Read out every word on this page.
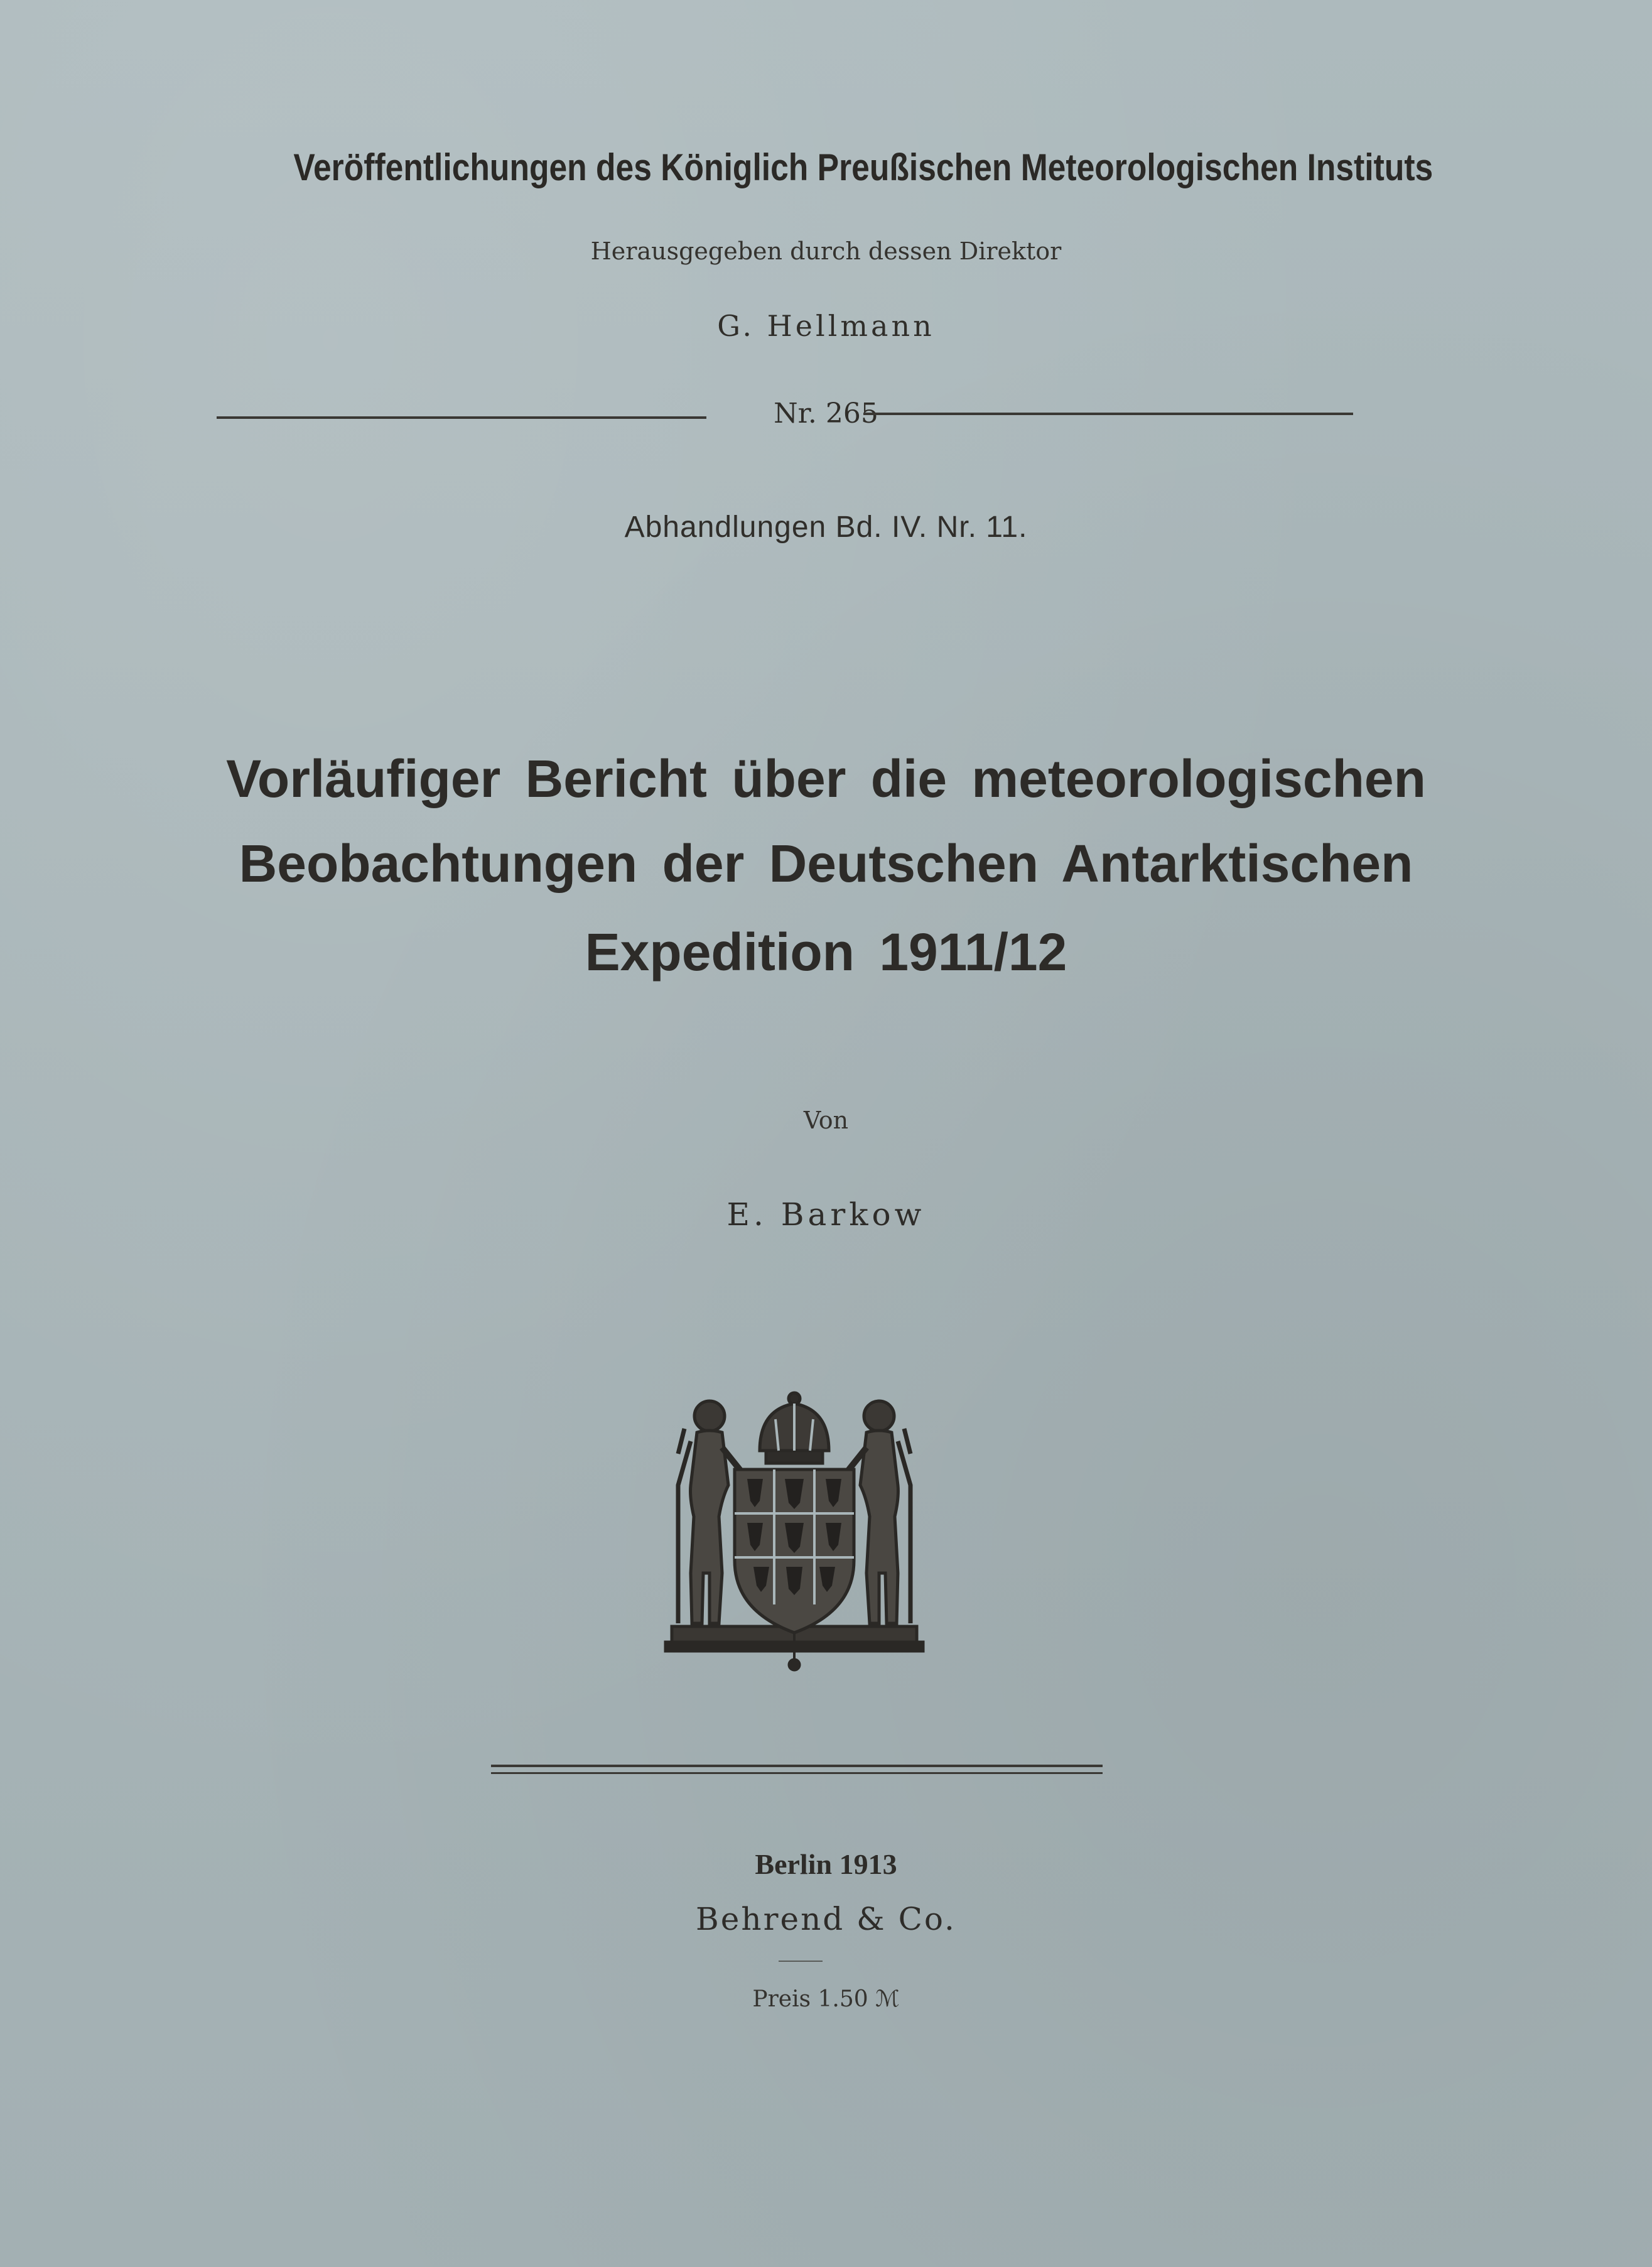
Veröffentlichungen des Königlich Preußischen Meteorologischen Instituts
Herausgegeben durch dessen Direktor
G. Hellmann
Nr. 265
Abhandlungen Bd. IV. Nr. 11.
Vorläufiger Bericht über die meteorologischen
Beobachtungen der Deutschen Antarktischen
Expedition 1911/12
Von
E. Barkow
Berlin 1913
Behrend & Co.
Preis 1.50 ℳ
